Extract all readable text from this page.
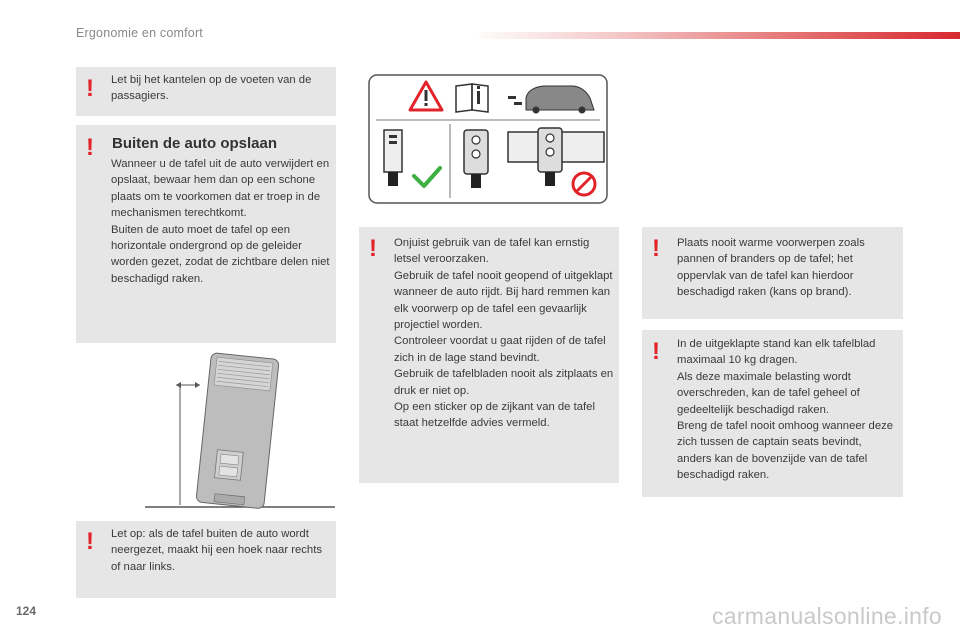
Ergonomie en comfort
! Let bij het kantelen op de voeten van de passagiers.
! Buiten de auto opslaan

Wanneer u de tafel uit de auto verwijdert en opslaat, bewaar hem dan op een schone plaats om te voorkomen dat er troep in de mechanismen terechtkomt.

Buiten de auto moet de tafel op een horizontale ondergrond op de geleider worden gezet, zodat de zichtbare delen niet beschadigd raken.

! Let op: als de tafel buiten de auto wordt neergezet, maakt hij een hoek naar rechts of naar links.
! Onjuist gebruik van de tafel kan ernstig letsel veroorzaken.

Gebruik de tafel nooit geopend of uitgeklapt wanneer de auto rijdt. Bij hard remmen kan elk voorwerp op de tafel een gevaarlijk projectiel worden.

Controleer voordat u gaat rijden of de tafel zich in de lage stand bevindt.

Gebruik de tafelbladen nooit als zitplaats en druk er niet op.

Op een sticker op de zijkant van de tafel staat hetzelfde advies vermeld.

! Plaats nooit warme voorwerpen zoals pannen of branders op de tafel; het oppervlak van de tafel kan hierdoor beschadigd raken (kans op brand).
! In de uitgeklapte stand kan elk tafelblad maximaal 10 kg dragen.

Als deze maximale belasting wordt overschreden, kan de tafel geheel of gedeeltelijk beschadigd raken.

Breng de tafel nooit omhoog wanneer deze zich tussen de captain seats bevindt, anders kan de bovenzijde van de tafel beschadigd raken.

124	carmanualsonline.info
